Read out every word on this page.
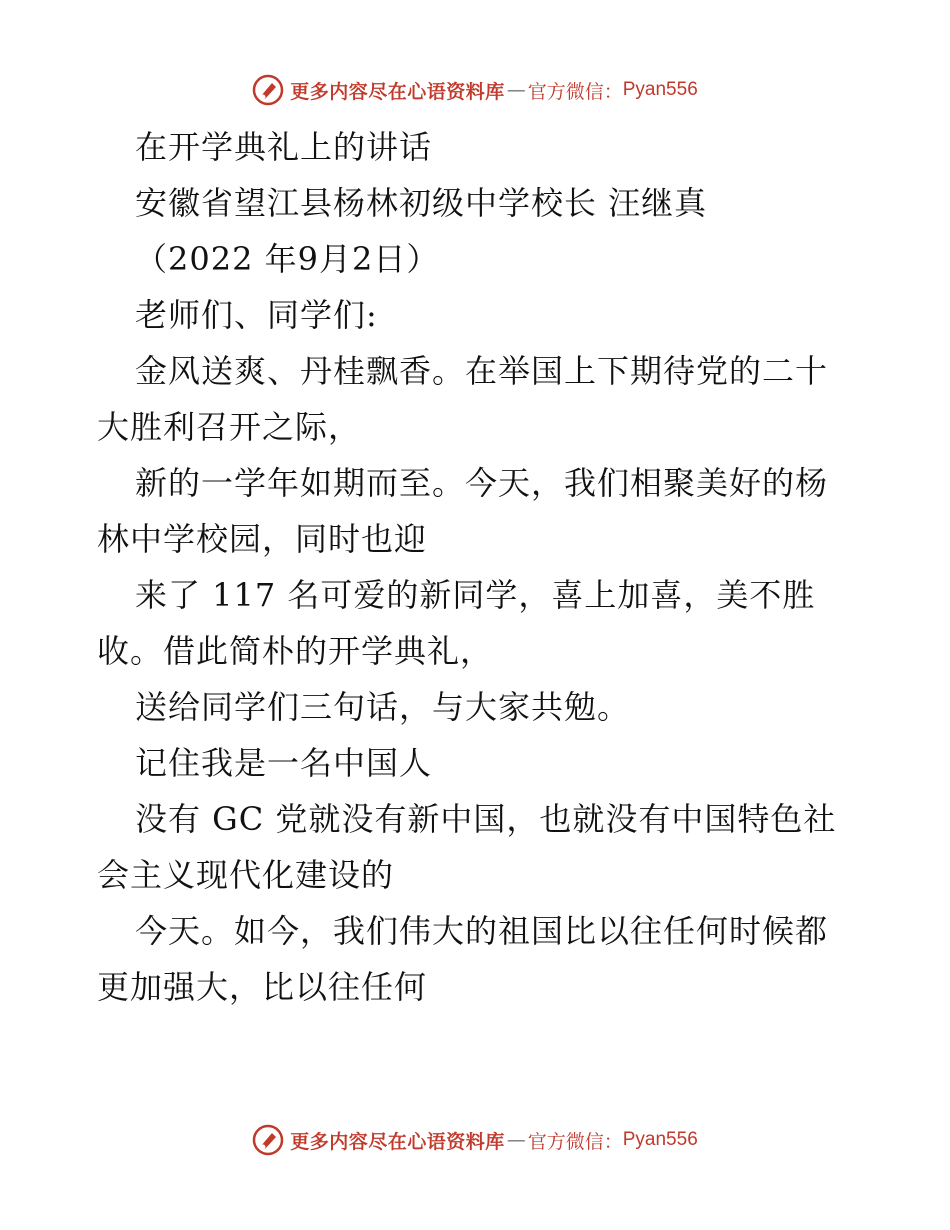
更多内容尽在心语资料库 — 官方微信： Pyan556
在开学典礼上的讲话
安徽省望江县杨林初级中学校长 汪继真
（2022 年9月2日）
老师们、同学们:
金风送爽、丹桂飘香。在举国上下期待党的二十
大胜利召开之际，
新的一学年如期而至。今天，我们相聚美好的杨
林中学校园，同时也迎
来了 117 名可爱的新同学，喜上加喜，美不胜
收。借此简朴的开学典礼，
送给同学们三句话，与大家共勉。
记住我是一名中国人
没有 GC 党就没有新中国，也就没有中国特色社
会主义现代化建设的
今天。如今，我们伟大的祖国比以往任何时候都
更加强大，比以往任何
更多内容尽在心语资料库 — 官方微信： Pyan556
